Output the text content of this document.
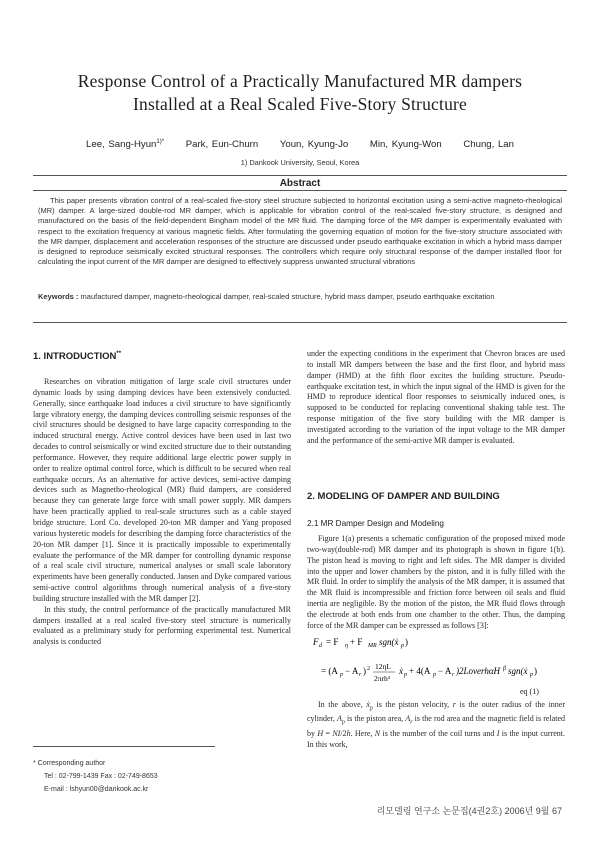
Response Control of a Practically Manufactured MR dampers
Installed at a Real Scaled Five-Story Structure
Lee, Sang-Hyun$^{1)*}$ Park, Eun-Churn Youn, Kyung-Jo Min, Kyung-Won Chung, Lan
1) Dankook University, Seoul, Korea
Abstract
This paper presents vibration control of a real-scaled five-story steel structure subjected to horizontal excitation using a semi-active magneto-rheological (MR) damper. A large-sized double-rod MR damper, which is applicable for vibration control of the real-scaled five-story structure, is designed and manufactured on the basis of the field-dependent Bingham model of the MR fluid. The damping force of the MR damper is experimentally evaluated with respect to the excitation frequency at various magnetic fields. After formulating the governing equation of motion for the five-story structure associated with the MR damper, displacement and acceleration responses of the structure are discussed under pseudo earthquake excitation in which a hybrid mass damper is designed to reproduce seismically excited structural responses. The controllers which require only structural response of the damper installed floor for calculating the input current of the MR damper are designed to effectively suppress unwanted structural vibrations
Keywords : maufactured damper, magneto-rheological damper, real-scaled structure, hybrid mass damper, pseudo earthquake excitation
1. INTRODUCTION**

Researches on vibration mitigation of large scale civil structures under dynamic loads by using damping devices have been extensively conducted. Generally, since earthquake load induces a civil structure to have significantly large vibratory energy, the damping devices controlling seismic responses of the civil structures should be designed to have large capacity corresponding to the induced structural energy. Active control devices have been used in last two decades to control seismically or wind excited structure due to their outstanding performance. However, they require additional large electric power supply in order to realize optimal control force, which is difficult to be secured when real earthquake occurs. As an alternative for active devices, semi-active damping devices such as Magnetho-rheological (MR) fluid dampers, are considered because they can generate large force with small power supply. MR dampers have been practically applied to real-scale structures such as a cable stayed bridge structure. Lord Co. developed 20-ton MR damper and Yang proposed various hysteretic models for describing the damping force characteristics of the 20-ton MR damper [1]. Since it is practically impossible to experimentally evaluate the performance of the MR damper for controlling dynamic response of a real scale civil structure, numerical analyses or small scale laboratory experiments have been generally conducted. Jansen and Dyke compared various semi-active control algorithms through numerical analysis of a five-story building structure installed with the MR damper [2].

In this study, the control performance of the practically manufactured MR dampers installed at a real scaled five-story steel structure is numerically evaluated as a preliminary study for performing experimental test. Numerical analysis is conducted

* Corresponding author
Tel : 02-799-1439 Fax : 02-749-8653
E-mail : lshyun00@dankook.ac.kr

under the expecting conditions in the experiment that Chevron braces are used to install MR dampers between the base and the first floor, and hybrid mass damper (HMD) at the fifth floor excites the building structure. Pseudo-earthquake excitation test, in which the input signal of the HMD is given for the HMD to reproduce identical floor responses to seismically induced ones, is supposed to be conducted for replacing conventional shaking table test. The response mitigation of the five story building with the MR damper is investigated according to the variation of the input voltage to the MR damper and the performance of the semi-active MR damper is evaluated.

2. MODELING OF DAMPER AND BUILDING
2.1 MR Damper Design and Modeling

Figure 1(a) presents a schematic configuration of the proposed mixed mode two-way(double-rod) MR damper and its photograph is shown in figure 1(b). The piston head is moving to right and left sides. The MR damper is divided into the upper and lower chambers by the piston, and it is fully filled with the MR fluid. In order to simplify the analysis of the MR damper, it is assumed that the MR fluid is incompressible and friction force between oil seals and fluid inertia are negligible. By the motion of the piston, the MR fluid flows through the electrode at both ends from one chamber to the other. Thus, the damping force of the MR damper can be expressed as follows [3]:

F d = F η + F MR sgn(ẋ p )
= (A p − A r ) 2 12ηL
2πrh³
ẋ p + 4(A p − A r )2LoverhαH β sgn(ẋ p )
eq (1)

In the above, ẋ$_p$ is the piston velocity, r is the outer radius of the inner cylinder, $A_p$ is the piston area, $A_r$ is the rod area and the magnetic field is related by H = NI/2h. Here, N is the number of the coil turns and I is the input current. In this work,

리모델링 연구소 논문집(4권2호) 2006년 9월 67
